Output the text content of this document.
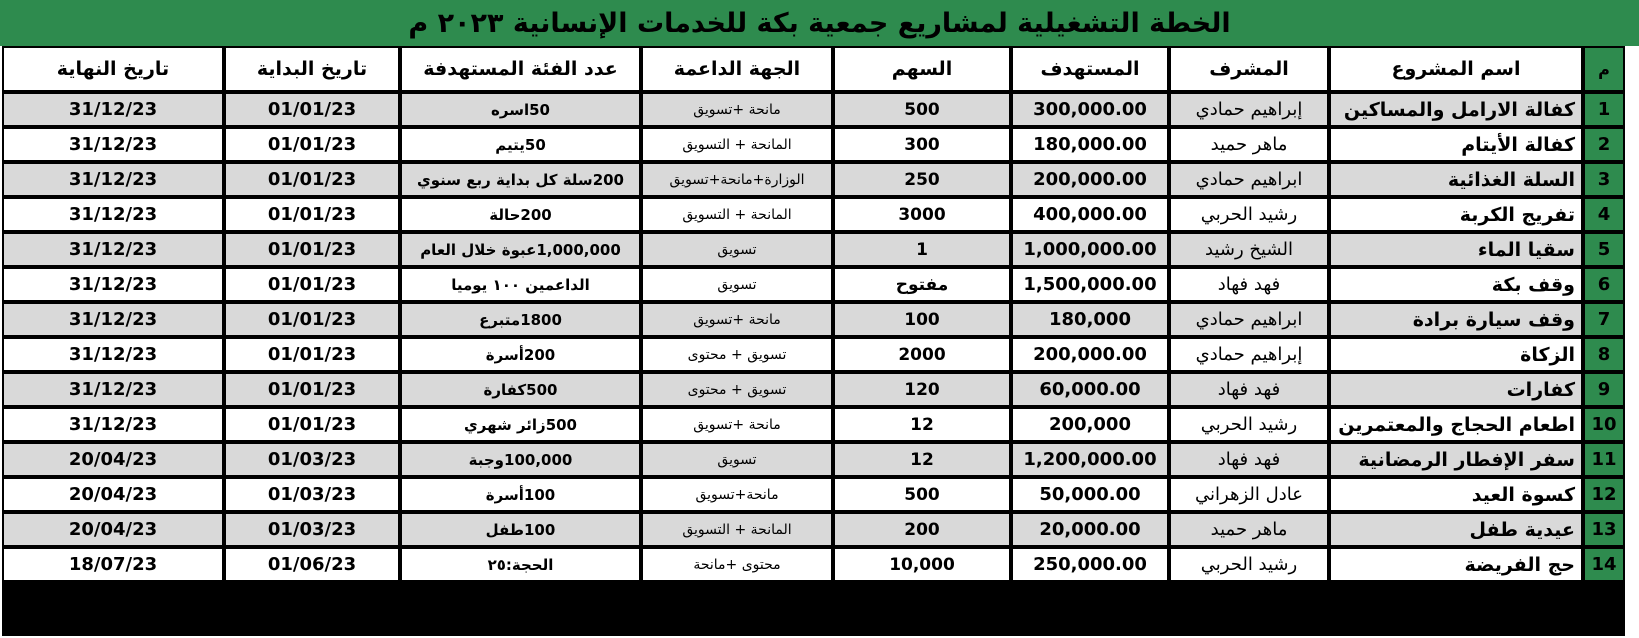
الخطة التشغيلية لمشاريع جمعية بكة للخدمات الإنسانية ٢٠٢٣ م
م	اسم المشروع	المشرف	المستهدف	السهم	الجهة الداعمة	عدد الفئة المستهدفة	تاريخ البداية	تاريخ النهاية
1	كفالة الارامل والمساكين	إبراهيم حمادي	300,000.00	500	مانحة +تسويق	50اسره	01/01/23	31/12/23
2	كفالة الأيتام	ماهر حميد	180,000.00	300	المانحة + التسويق	50يتيم	01/01/23	31/12/23
3	السلة الغذائية	ابراهيم حمادي	200,000.00	250	الوزارة+مانحة+تسويق	200سلة كل بداية ربع سنوي	01/01/23	31/12/23
4	تفريج الكربة	رشيد الحربي	400,000.00	3000	المانحة + التسويق	200حالة	01/01/23	31/12/23
5	سقيا الماء	الشيخ رشيد	1,000,000.00	1	تسويق	1,000,000عبوة خلال العام	01/01/23	31/12/23
6	وقف بكة	فهد فهاد	1,500,000.00	مفتوح	تسويق	الداعمين ١٠٠ يوميا	01/01/23	31/12/23
7	وقف سيارة برادة	ابراهيم حمادي	180,000	100	مانحة +تسويق	1800متبرع	01/01/23	31/12/23
8	الزكاة	إبراهيم حمادي	200,000.00	2000	تسويق + محتوى	200أسرة	01/01/23	31/12/23
9	كفارات	فهد فهاد	60,000.00	120	تسويق + محتوى	500كفارة	01/01/23	31/12/23
10	اطعام الحجاج والمعتمرين	رشيد الحربي	200,000	12	مانحة +تسويق	500زائر شهري	01/01/23	31/12/23
11	سفر الإفطار الرمضانية	فهد فهاد	1,200,000.00	12	تسويق	100,000وجبة	01/03/23	20/04/23
12	كسوة العيد	عادل الزهراني	50,000.00	500	مانحة+تسويق	100أسرة	01/03/23	20/04/23
13	عيدية طفل	ماهر حميد	20,000.00	200	المانحة + التسويق	100طفل	01/03/23	20/04/23
14	حج الفريضة	رشيد الحربي	250,000.00	10,000	محتوى +مانحة	الحجة:٢٥	01/06/23	18/07/23
